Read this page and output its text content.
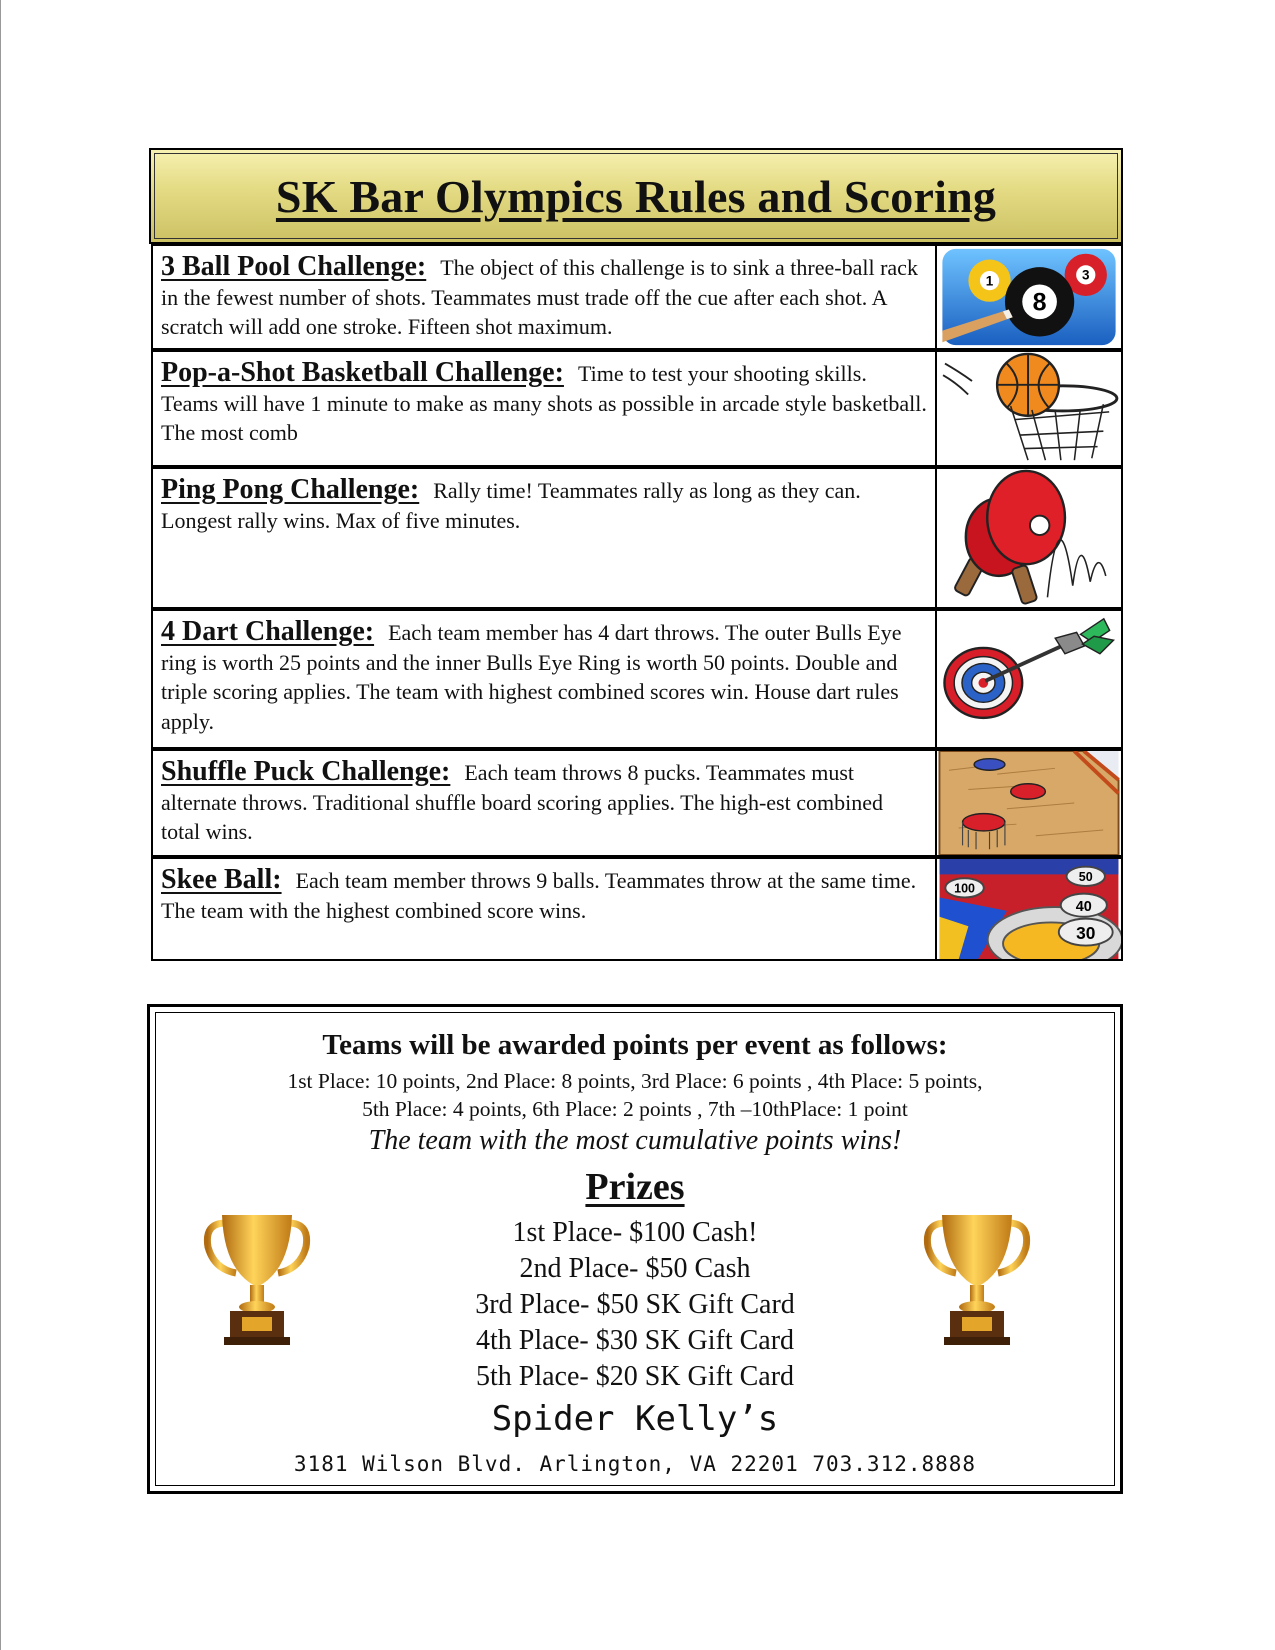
SK Bar Olympics Rules and Scoring
3 Ball Pool Challenge: The object of this challenge is to sink a three-ball rack in the fewest number of shots. Teammates must trade off the cue after each shot. A scratch will add one stroke. Fifteen shot maximum.
1	3
8
Pop-a-Shot Basketball Challenge: Time to test your shooting skills. Teams will have 1 minute to make as many shots as possible in arcade style basketball. The most comb
Ping Pong Challenge: Rally time! Teammates rally as long as they can. Longest rally wins. Max of five minutes.
4 Dart Challenge: Each team member has 4 dart throws. The outer Bulls Eye ring is worth 25 points and the inner Bulls Eye Ring is worth 50 points. Double and triple scoring applies. The team with highest combined scores win. House dart rules apply.
Shuffle Puck Challenge: Each team throws 8 pucks. Teammates must alternate throws. Traditional shuffle board scoring applies. The high-est combined total wins.
Skee Ball: Each team member throws 9 balls. Teammates throw at the same time. The team with the highest combined score wins.
100
50
40
30
Teams will be awarded points per event as follows:
1st Place: 10 points, 2nd Place: 8 points, 3rd Place: 6 points , 4th Place: 5 points,
5th Place: 4 points, 6th Place: 2 points , 7th –10thPlace: 1 point
The team with the most cumulative points wins!
Prizes
1st Place- $100 Cash!
2nd Place- $50 Cash
3rd Place- $50 SK Gift Card
4th Place- $30 SK Gift Card
5th Place- $20 SK Gift Card
Spider Kelly’s
3181 Wilson Blvd. Arlington, VA 22201 703.312.8888
